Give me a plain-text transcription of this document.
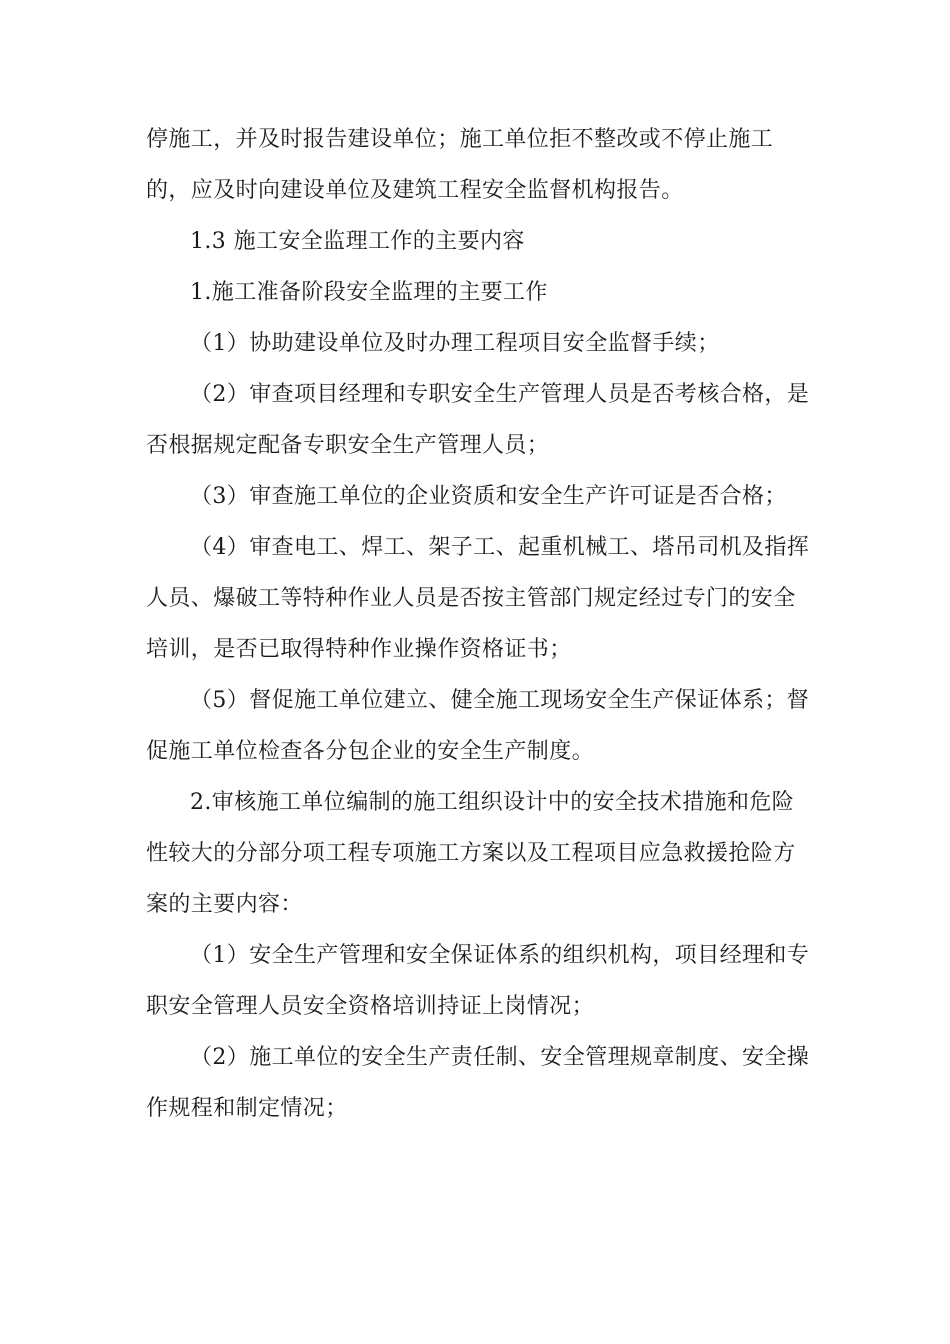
停施工，并及时报告建设单位；施工单位拒不整改或不停止施工
的，应及时向建设单位及建筑工程安全监督机构报告。
1.3 施工安全监理工作的主要内容
1.施工准备阶段安全监理的主要工作
（1）协助建设单位及时办理工程项目安全监督手续；
（2）审查项目经理和专职安全生产管理人员是否考核合格，是
否根据规定配备专职安全生产管理人员；
（3）审查施工单位的企业资质和安全生产许可证是否合格；
（4）审查电工、焊工、架子工、起重机械工、塔吊司机及指挥
人员、爆破工等特种作业人员是否按主管部门规定经过专门的安全
培训，是否已取得特种作业操作资格证书；
（5）督促施工单位建立、健全施工现场安全生产保证体系；督
促施工单位检查各分包企业的安全生产制度。
2.审核施工单位编制的施工组织设计中的安全技术措施和危险
性较大的分部分项工程专项施工方案以及工程项目应急救援抢险方
案的主要内容：
（1）安全生产管理和安全保证体系的组织机构，项目经理和专
职安全管理人员安全资格培训持证上岗情况；
（2）施工单位的安全生产责任制、安全管理规章制度、安全操
作规程和制定情况；
